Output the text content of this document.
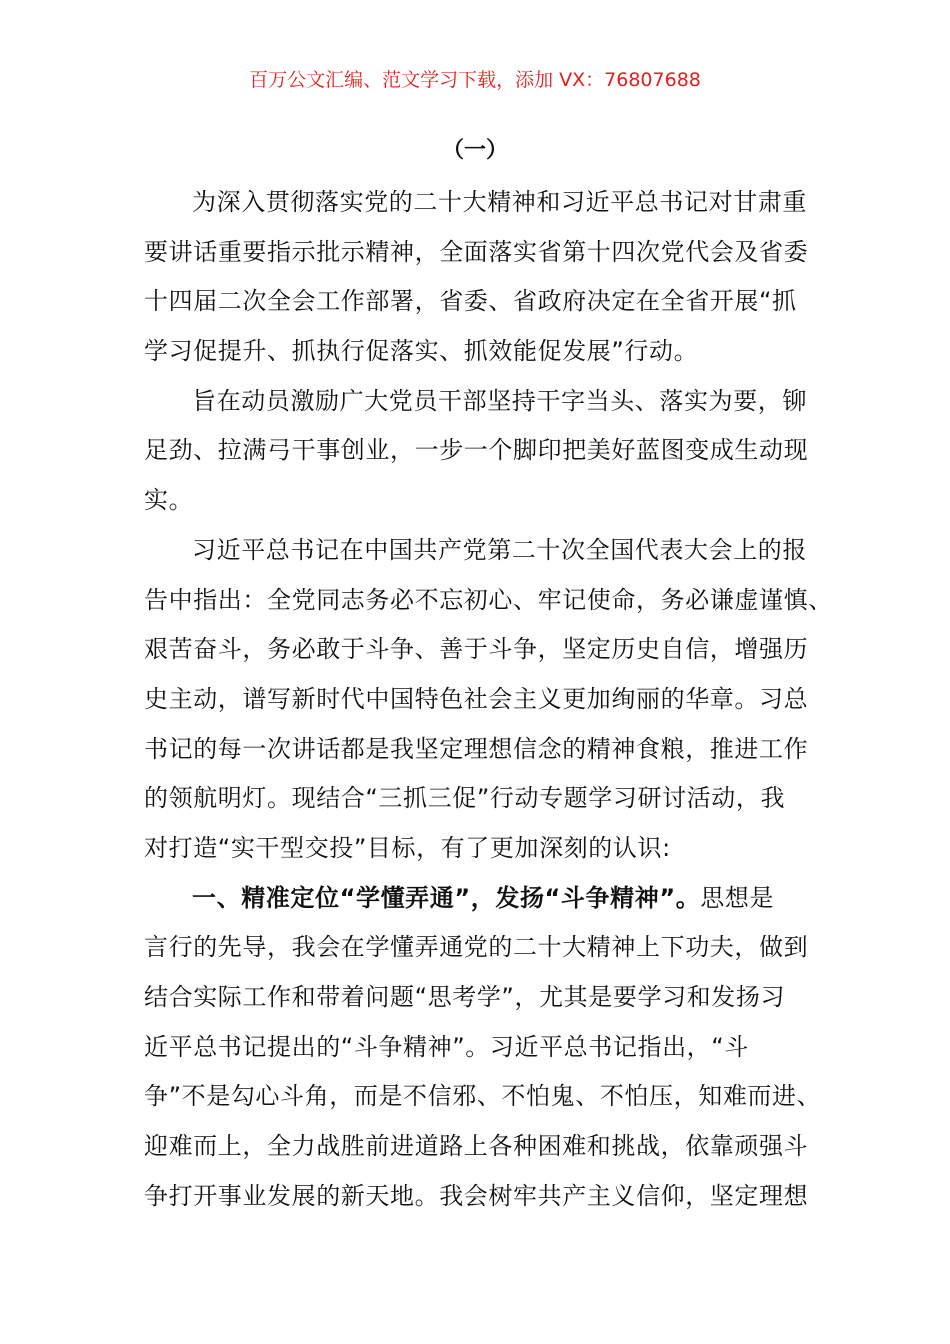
百万公文汇编、范文学习下载，添加 VX：76807688
（一）
为深入贯彻落实党的二十大精神和习近平总书记对甘肃重
要讲话重要指示批示精神，全面落实省第十四次党代会及省委
十四届二次全会工作部署，省委、省政府决定在全省开展“抓
学习促提升、抓执行促落实、抓效能促发展”行动。
旨在动员激励广大党员干部坚持干字当头、落实为要，铆
足劲、拉满弓干事创业，一步一个脚印把美好蓝图变成生动现
实。
习近平总书记在中国共产党第二十次全国代表大会上的报
告中指出：全党同志务必不忘初心、牢记使命，务必谦虚谨慎、
艰苦奋斗，务必敢于斗争、善于斗争，坚定历史自信，增强历
史主动，谱写新时代中国特色社会主义更加绚丽的华章。习总
书记的每一次讲话都是我坚定理想信念的精神食粮，推进工作
的领航明灯。现结合“三抓三促”行动专题学习研讨活动，我
对打造“实干型交投”目标，有了更加深刻的认识:
一、精准定位“学懂弄通”，发扬“斗争精神”。思想是
言行的先导，我会在学懂弄通党的二十大精神上下功夫，做到
结合实际工作和带着问题“思考学”，尤其是要学习和发扬习
近平总书记提出的“斗争精神”。习近平总书记指出，“斗
争”不是勾心斗角，而是不信邪、不怕鬼、不怕压，知难而进、
迎难而上，全力战胜前进道路上各种困难和挑战，依靠顽强斗
争打开事业发展的新天地。我会树牢共产主义信仰，坚定理想
